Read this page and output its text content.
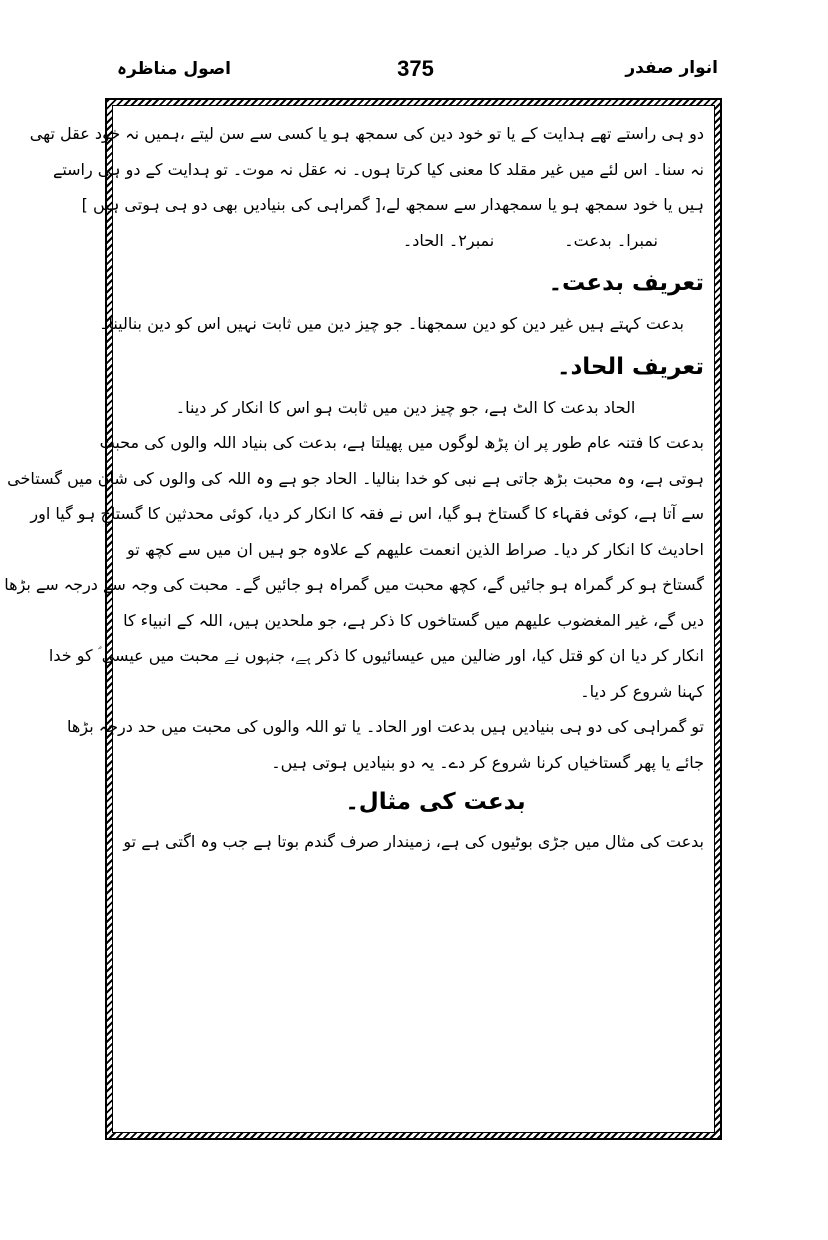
اصول مناظرہ	375	انوار صفدر
دو ہی راستے تھے ہدایت کے یا تو خود دین کی سمجھ ہو یا کسی سے سن لیتے ،ہمیں نہ خود عقل تھی
نہ سنا۔ اس لئے میں غیر مقلد کا معنی کیا کرتا ہوں۔ نہ عقل نہ موت۔ تو ہدایت کے دو ہی راستے
ہیں یا خود سمجھ ہو یا سمجھدار سے سمجھ لے،[ گمراہی کی بنیادیں بھی دو ہی ہوتی ہیں ]
نمبرا۔ بدعت۔
نمبر۲۔ الحاد۔
تعریف بدعت۔
بدعت کہتے ہیں غیر دین کو دین سمجھنا۔ جو چیز دین میں ثابت نہیں اس کو دین بنالینا۔
تعریف الحاد۔
الحاد بدعت کا الٹ ہے، جو چیز دین میں ثابت ہو اس کا انکار کر دینا۔
بدعت کا فتنہ عام طور پر ان پڑھ لوگوں میں پھیلتا ہے، بدعت کی بنیاد اللہ والوں کی محبت
ہوتی ہے، وہ محبت بڑھ جاتی ہے نبی کو خدا بنالیا۔ الحاد جو ہے وہ اللہ کی والوں کی شان میں گستاخی
سے آتا ہے، کوئی فقہاء کا گستاخ ہو گیا، اس نے فقہ کا انکار کر دیا، کوئی محدثین کا گستاخ ہو گیا اور
احادیث کا انکار کر دیا۔ صراط الذین انعمت علیھم کے علاوہ جو ہیں ان میں سے کچھ تو
گستاخ ہو کر گمراہ ہو جائیں گے، کچھ محبت میں گمراہ ہو جائیں گے۔ محبت کی وجہ سے درجہ سے بڑھا
دیں گے، غیر المغضوب علیھم میں گستاخوں کا ذکر ہے، جو ملحدین ہیں، اللہ کے انبیاء کا
انکار کر دیا ان کو قتل کیا، اور ضالین میں عیسائیوں کا ذکر ہے، جنہوں نے محبت میں عیسیٰ ؑ کو خدا
کہنا شروع کر دیا۔
تو گمراہی کی دو ہی بنیادیں ہیں بدعت اور الحاد۔ یا تو اللہ والوں کی محبت میں حد درجہ بڑھا
جائے یا پھر گستاخیاں کرنا شروع کر دے۔ یہ دو بنیادیں ہوتی ہیں۔
بدعت کی مثال۔
بدعت کی مثال میں جڑی بوٹیوں کی ہے، زمیندار صرف گندم بوتا ہے جب وہ اگتی ہے تو
